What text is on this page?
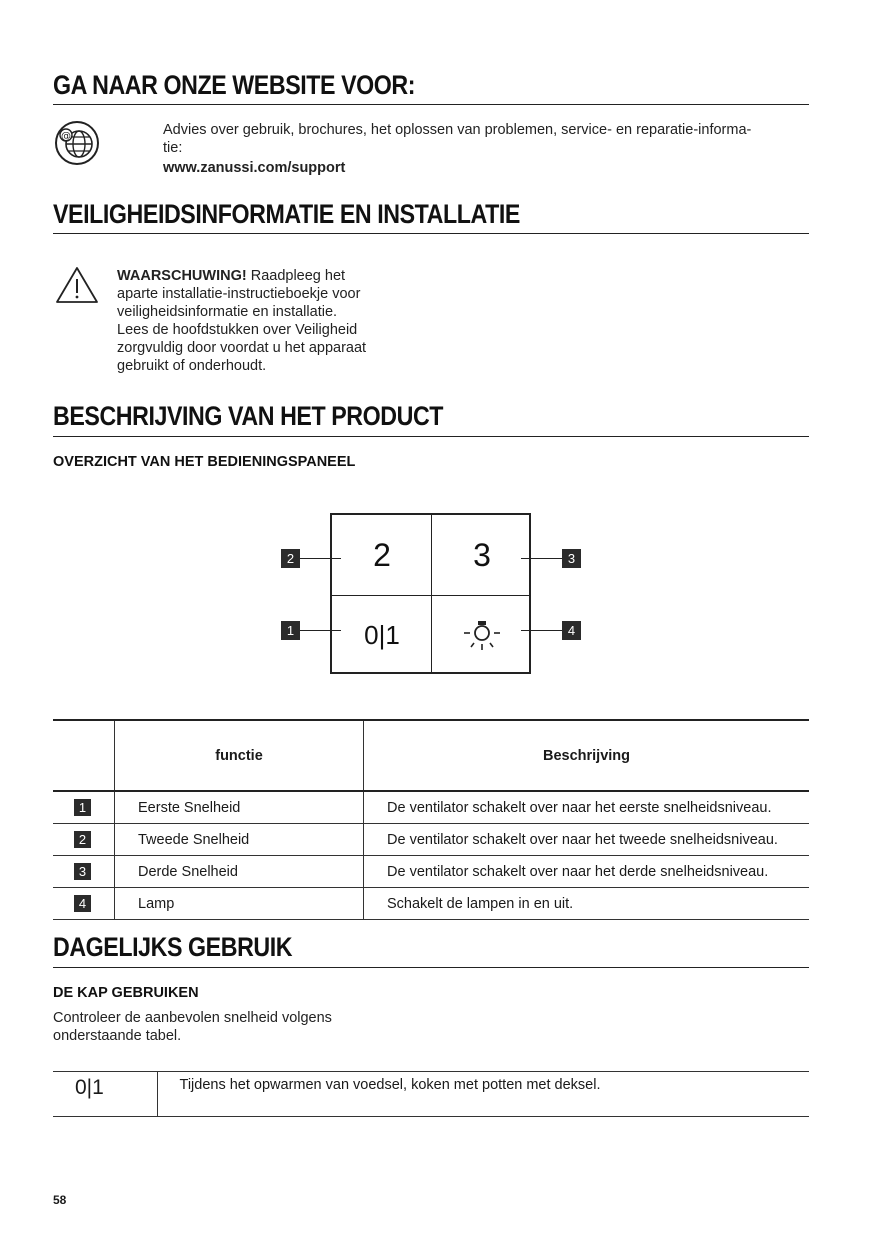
GA NAAR ONZE WEBSITE VOOR:
@	Advies over gebruik, brochures, het oplossen van problemen, service- en reparatie-informa-

tie:

www.zanussi.com/support

VEILIGHEIDSINFORMATIE EN INSTALLATIE
WAARSCHUWING! Raadpleeg het
aparte installatie-instructieboekje voor
veiligheidsinformatie en installatie.
Lees de hoofdstukken over Veiligheid
zorgvuldig door voordat u het apparaat
gebruikt of onderhoudt.
BESCHRIJVING VAN HET PRODUCT

OVERZICHT VAN HET BEDIENINGSPANEEL

2	3
0|1
2	3
1	4
	functie	Beschrijving
1	Eerste Snelheid	De ventilator schakelt over naar het eerste snelheidsniveau.
2	Tweede Snelheid	De ventilator schakelt over naar het tweede snelheidsniveau.
3	Derde Snelheid	De ventilator schakelt over naar het derde snelheidsniveau.
4	Lamp	Schakelt de lampen in en uit.
DAGELIJKS GEBRUIK

DE KAP GEBRUIKEN

Controleer de aanbevolen snelheid volgens

onderstaande tabel.

0|1	Tijdens het opwarmen van voedsel, koken met potten met deksel.
58
